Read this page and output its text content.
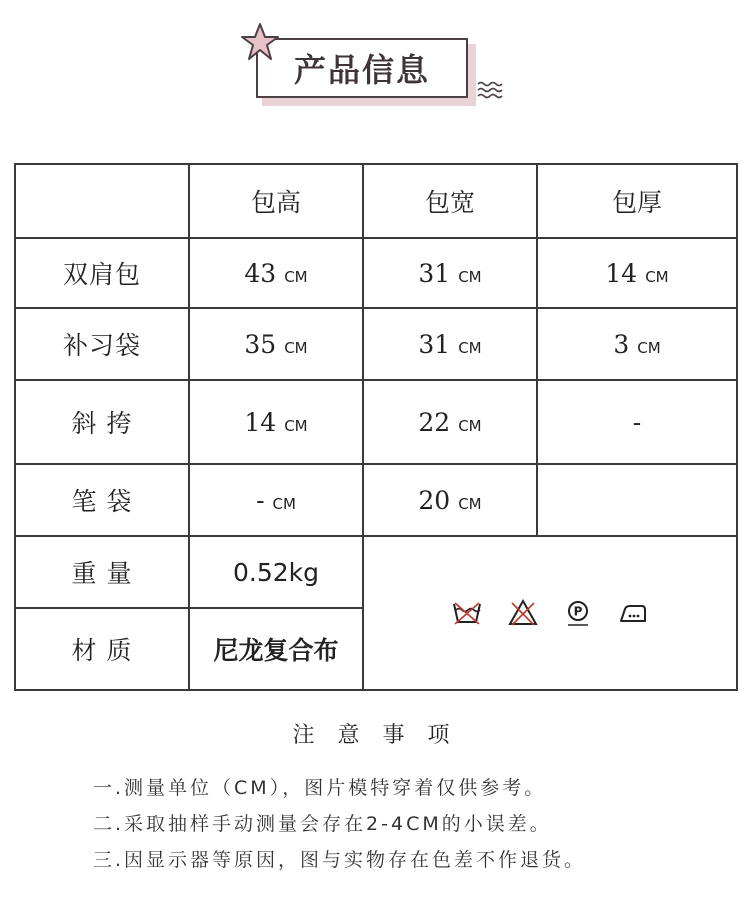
产品信息
	包高	包宽	包厚
双肩包	43 CM	31 CM	14 CM
补习袋	35 CM	31 CM	3 CM
斜 挎	14 CM	22 CM	-
笔 袋	- CM	20 CM	
重 量	0.52kg	P	

材 质	尼龙复合布		
注 意 事 项
一.测量单位（CM），图片模特穿着仅供参考。
二.采取抽样手动测量会存在2-4CM的小误差。
三.因显示器等原因，图与实物存在色差不作退货。
